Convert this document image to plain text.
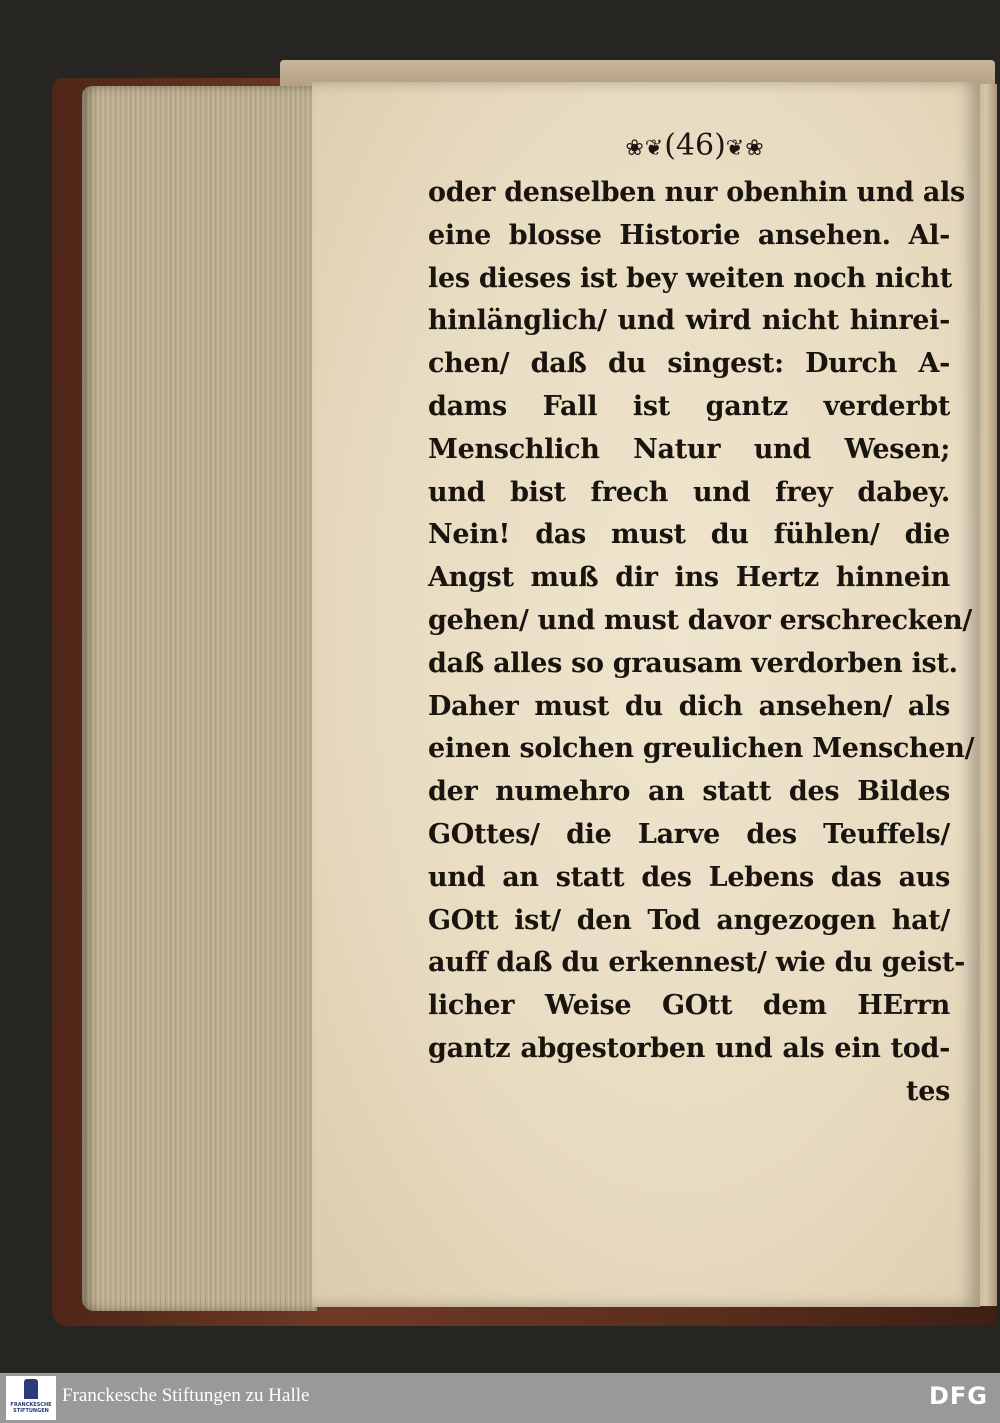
❀❦(46)❦❀
oder denselben nur obenhin und als
eine blosse Historie ansehen. Al-
les dieses ist bey weiten noch nicht
hinlänglich/ und wird nicht hinrei-
chen/ daß du singest: Durch A-
dams Fall ist gantz verderbt
Menschlich Natur und Wesen;
und bist frech und frey dabey.
Nein! das must du fühlen/ die
Angst muß dir ins Hertz hinnein
gehen/ und must davor erschrecken/
daß alles so grausam verdorben ist.
Daher must du dich ansehen/ als
einen solchen greulichen Menschen/
der numehro an statt des Bildes
GOttes/ die Larve des Teuffels/
und an statt des Lebens das aus
GOtt ist/ den Tod angezogen hat/
auff daß du erkennest/ wie du geist-
licher Weise GOtt dem HErrn
gantz abgestorben und als ein tod-
tes
FRANCKESCHE STIFTUNGEN
Franckesche Stiftungen zu Halle	DFG
